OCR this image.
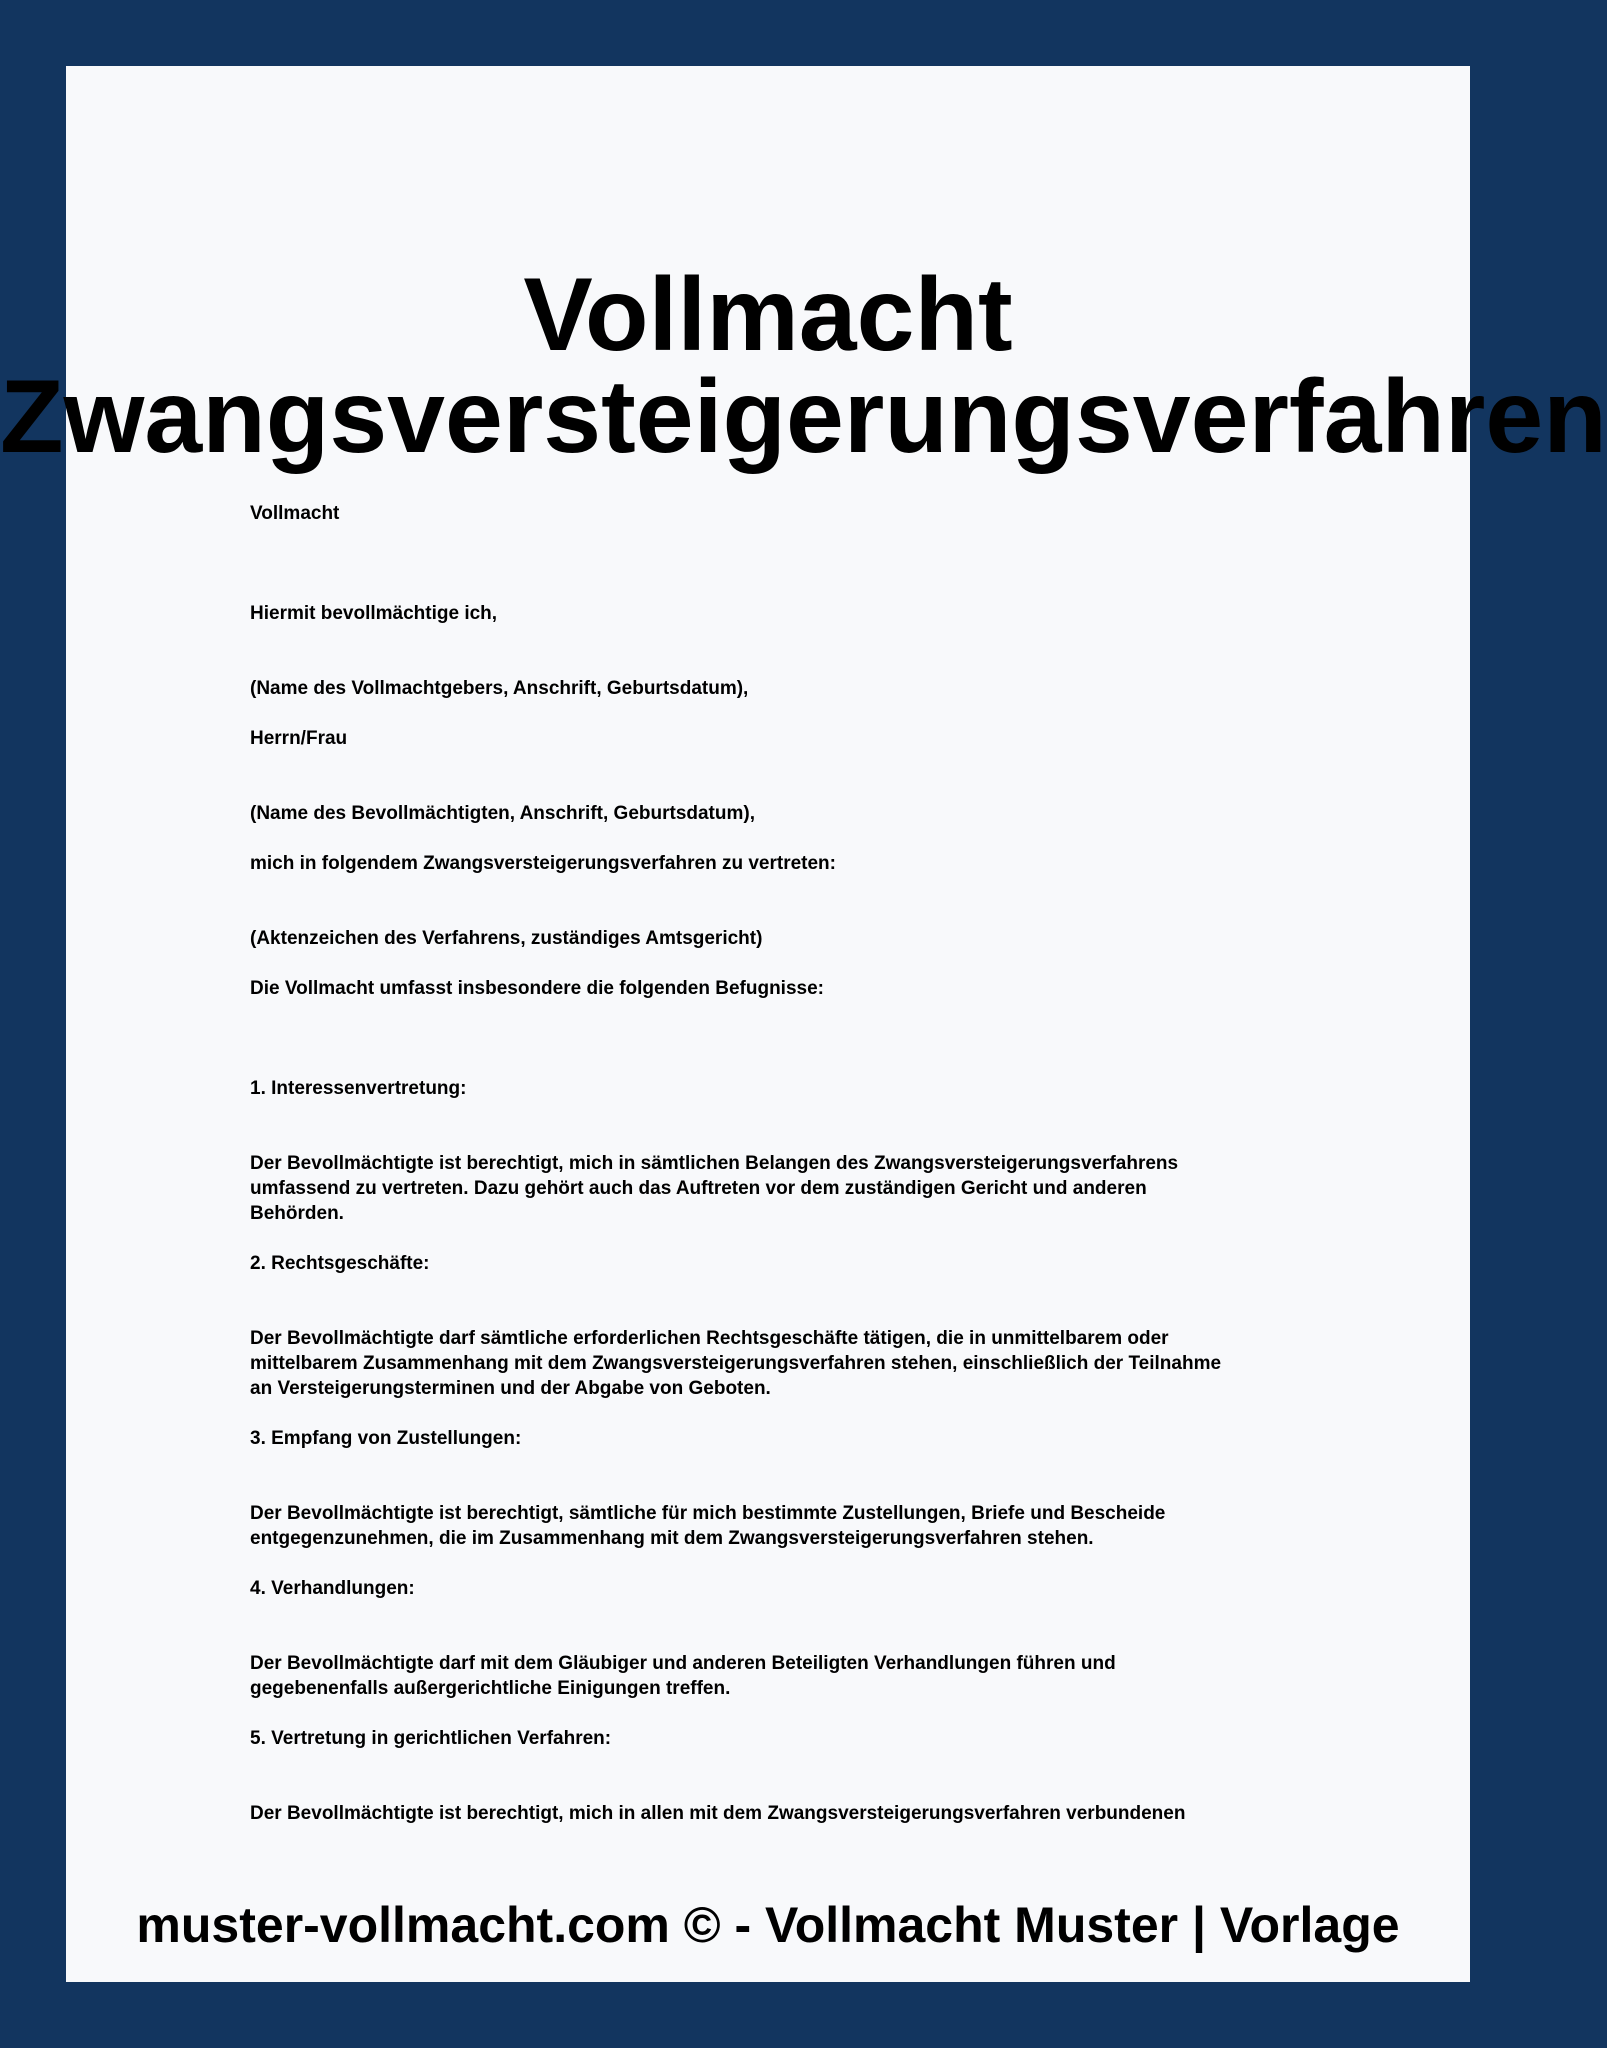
Vollmacht
Zwangsversteigerungsverfahren

Vollmacht

Hiermit bevollmächtige ich,

(Name des Vollmachtgebers, Anschrift, Geburtsdatum),

Herrn/Frau

(Name des Bevollmächtigten, Anschrift, Geburtsdatum),

mich in folgendem Zwangsversteigerungsverfahren zu vertreten:

(Aktenzeichen des Verfahrens, zuständiges Amtsgericht)

Die Vollmacht umfasst insbesondere die folgenden Befugnisse:

1. Interessenvertretung:

Der Bevollmächtigte ist berechtigt, mich in sämtlichen Belangen des Zwangsversteigerungsverfahrens

umfassend zu vertreten. Dazu gehört auch das Auftreten vor dem zuständigen Gericht und anderen

Behörden.

2. Rechtsgeschäfte:

Der Bevollmächtigte darf sämtliche erforderlichen Rechtsgeschäfte tätigen, die in unmittelbarem oder

mittelbarem Zusammenhang mit dem Zwangsversteigerungsverfahren stehen, einschließlich der Teilnahme

an Versteigerungsterminen und der Abgabe von Geboten.

3. Empfang von Zustellungen:

Der Bevollmächtigte ist berechtigt, sämtliche für mich bestimmte Zustellungen, Briefe und Bescheide

entgegenzunehmen, die im Zusammenhang mit dem Zwangsversteigerungsverfahren stehen.

4. Verhandlungen:

Der Bevollmächtigte darf mit dem Gläubiger und anderen Beteiligten Verhandlungen führen und

gegebenenfalls außergerichtliche Einigungen treffen.

5. Vertretung in gerichtlichen Verfahren:

Der Bevollmächtigte ist berechtigt, mich in allen mit dem Zwangsversteigerungsverfahren verbundenen

muster-vollmacht.com © - Vollmacht Muster | Vorlage
